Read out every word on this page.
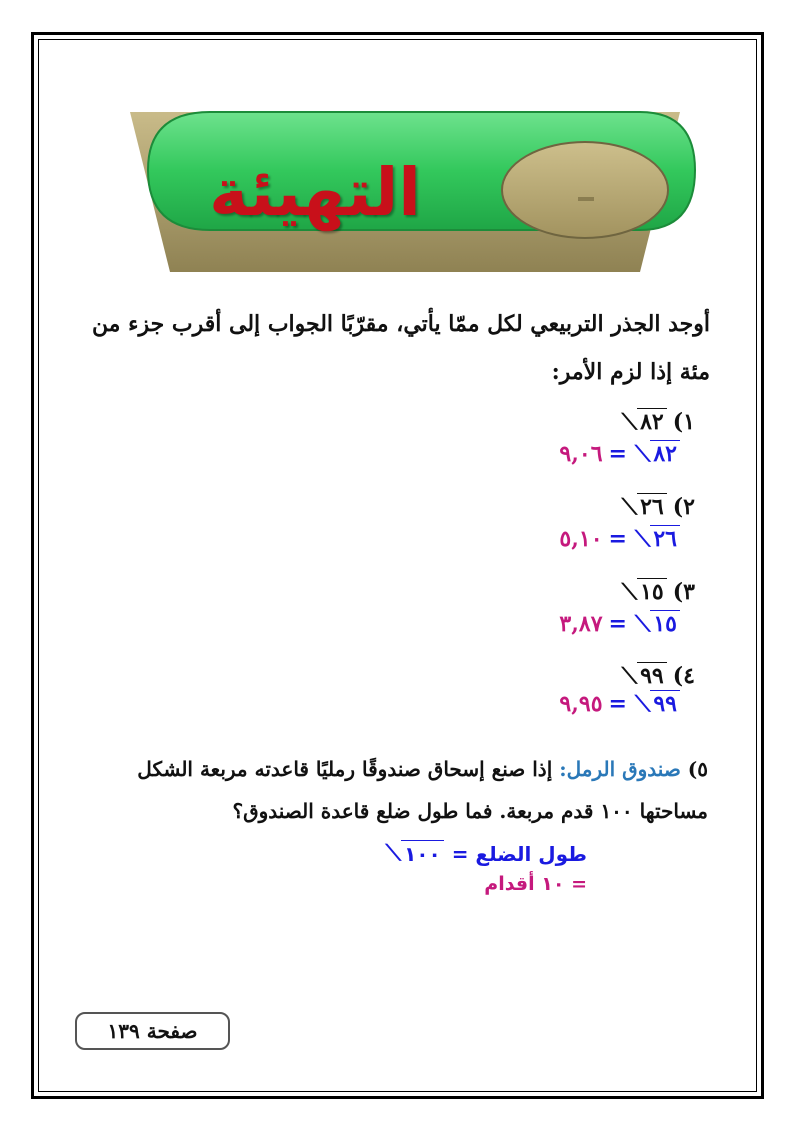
التهيئة
أوجد الجذر التربيعي لكل ممّا يأتي، مقرّبًا الجواب إلى أقرب جزء من مئة إذا لزم الأمر:
١)
٨٢
⟋
٨٢
⟋
=
٩,٠٦
٢)
٢٦
⟋
٢٦
⟋
=
٥,١٠
٣)
١٥
⟋
١٥
⟋
=
٣,٨٧
٤)
٩٩
⟋
٩٩
⟋
=
٩,٩٥
٥) صندوق الرمل: إذا صنع إسحاق صندوقًا رمليًا قاعدته مربعة الشكل مساحتها ١٠٠ قدم مربعة. فما طول ضلع قاعدة الصندوق؟
طول الضلع =
١٠٠
⟋
= ١٠ أقدام
صفحة ١٣٩
